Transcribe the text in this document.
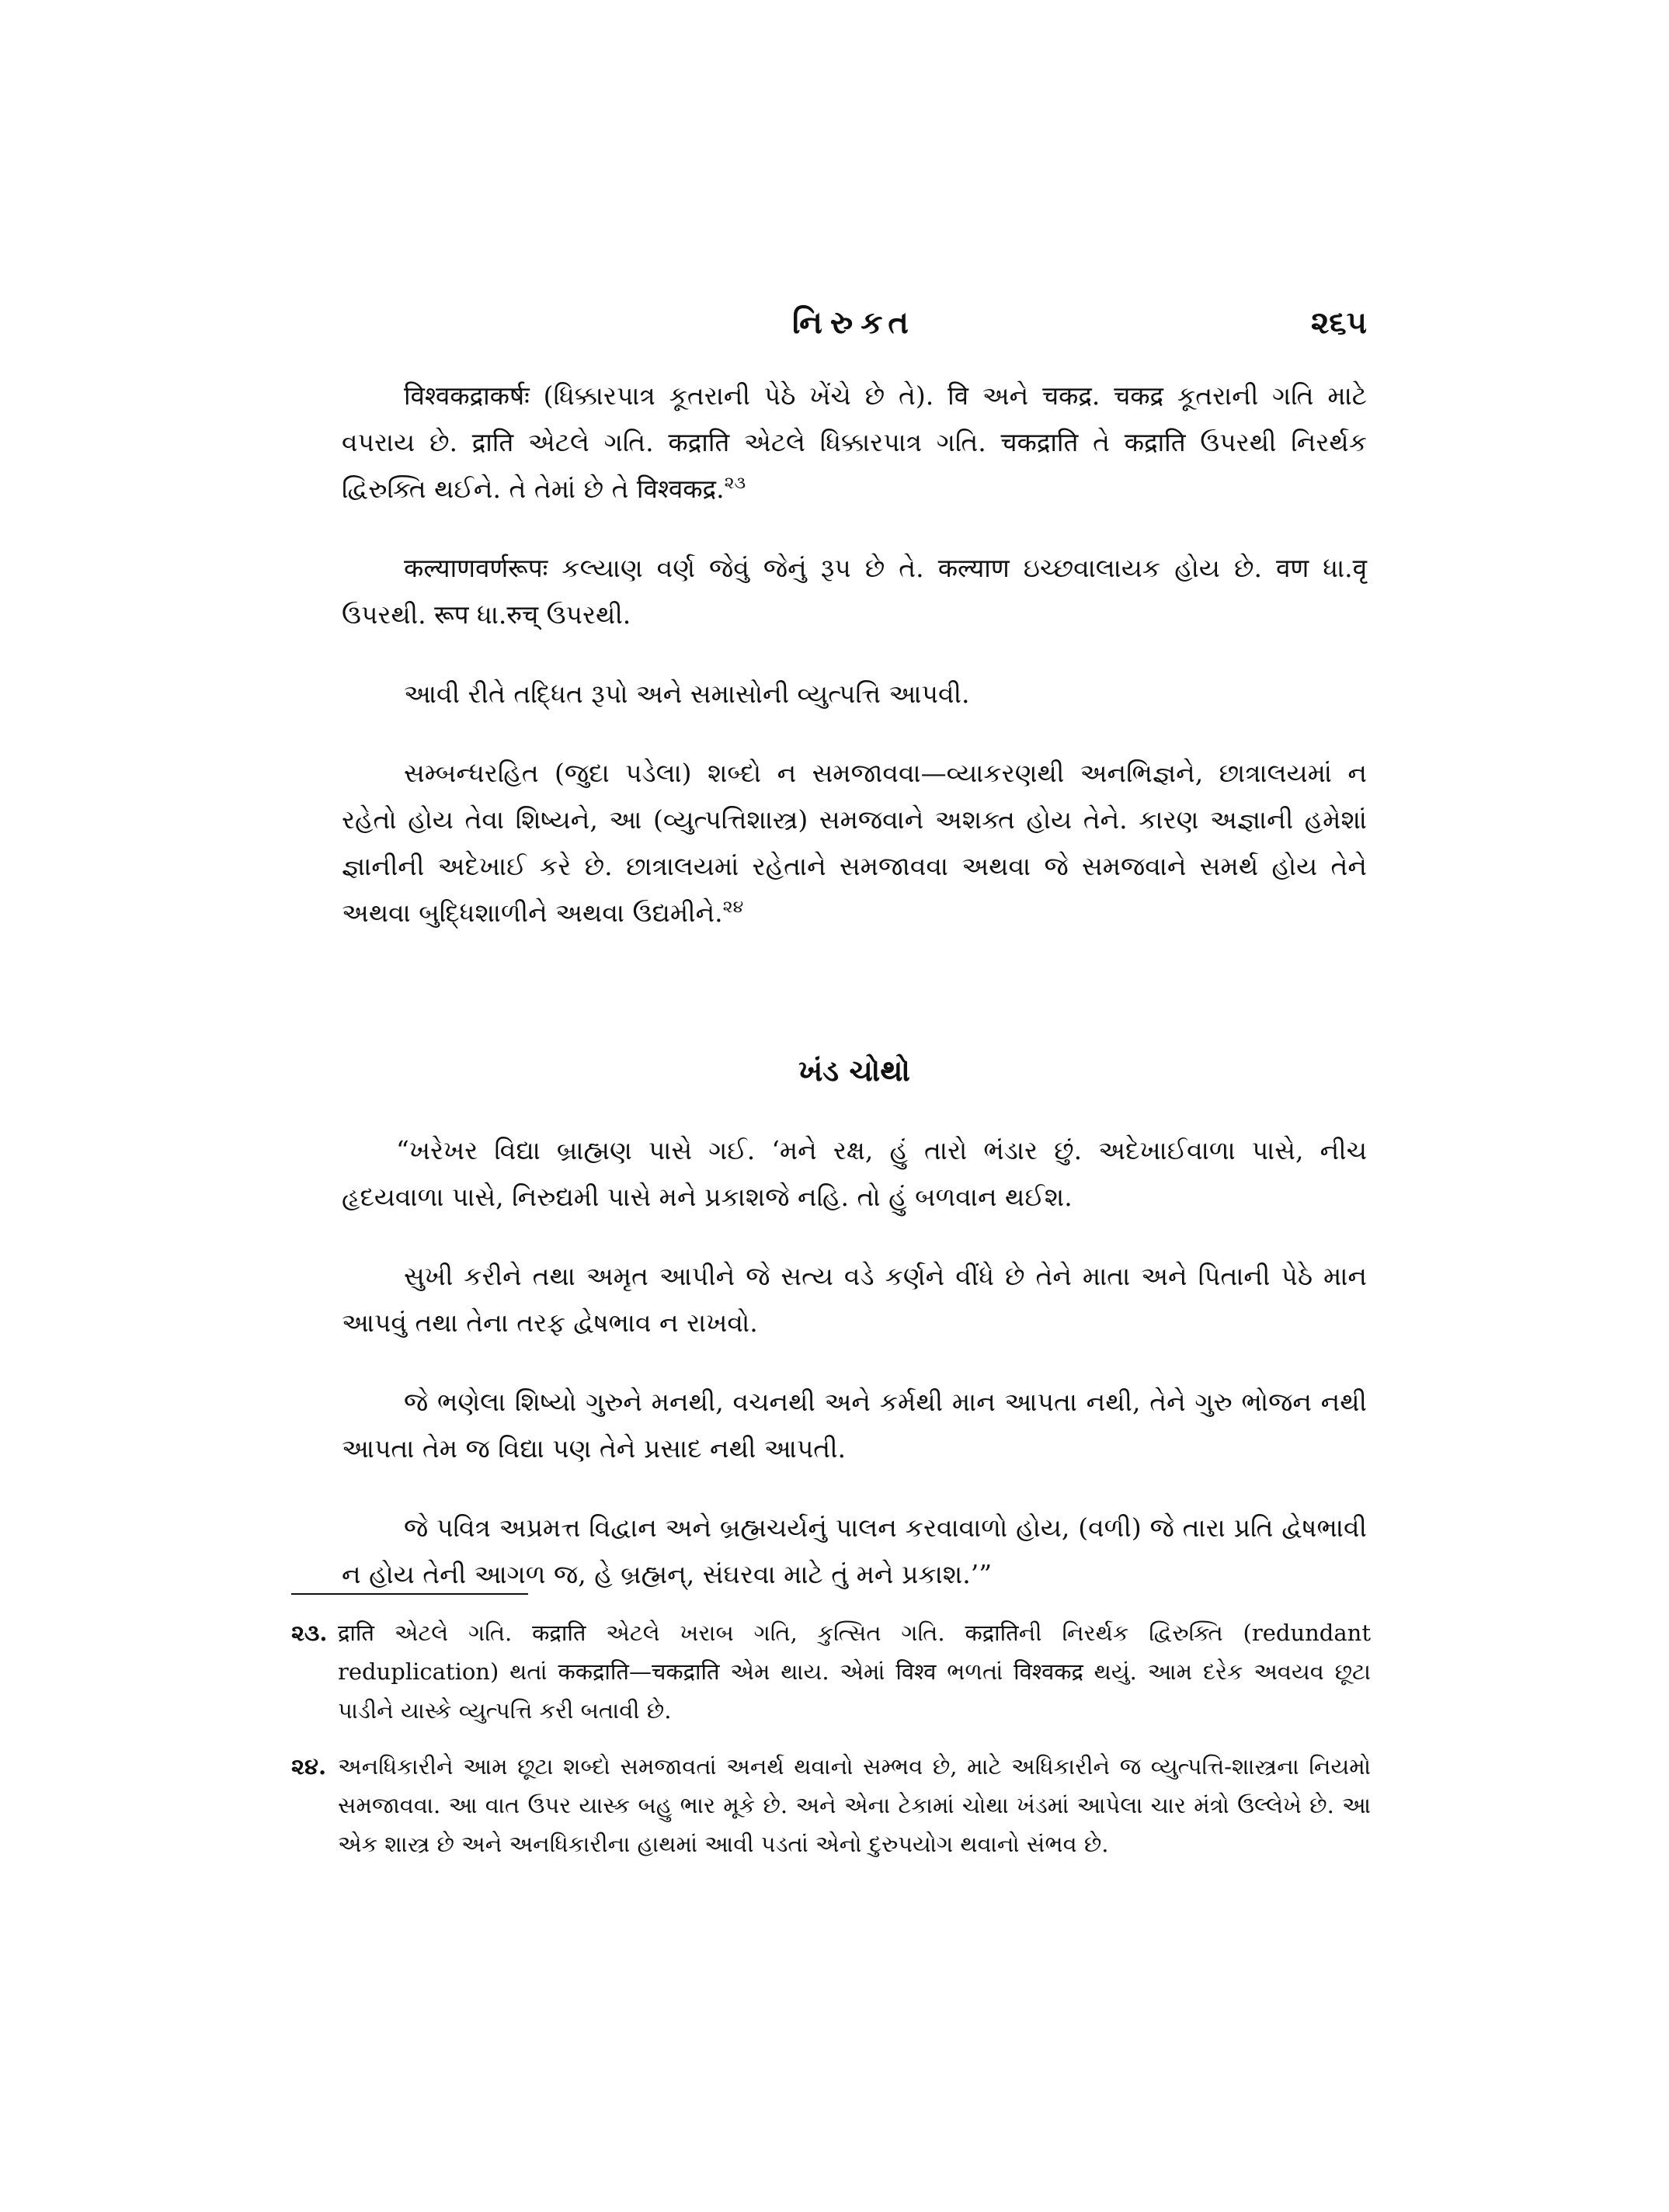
નિરુક્ત	૨૬૫

विश्वकद्राकर्षः (ધિક્કારપાત્ર કૂતરાની પેઠે ખેંચે છે તે). वि અને चकद्र. चकद्र કૂતરાની ગતિ માટે વપરાય છે. द्राति એટલે ગતિ. कद्राति એટલે ધિક્કારપાત્ર ગતિ. चकद्राति તે कद्राति ઉપરથી નિરર્થક દ્વિરુક્તિ થઈને. તે તેમાં છે તે विश्वकद्र.$^{૨૩}$

कल्याणवर्णरूपः કલ્યાણ વર્ણ જેવું જેનું રૂપ છે તે. कल्याण ઇચ્છવાલાયક હોય છે. वण ધા.वृ ઉપરથી. रूप ધા.रुच् ઉપરથી.

આવી રીતે તદ્ધિત રૂપો અને સમાસોની વ્યુત્પત્તિ આપવી.

સમ્બન્ધરહિત (જુદા પડેલા) શબ્દો ન સમજાવવા—વ્યાકરણથી અનભિજ્ઞને, છાત્રાલયમાં ન રહેતો હોય તેવા શિષ્યને, આ (વ્યુત્પત્તિશાસ્ત્ર) સમજવાને અશક્ત હોય તેને. કારણ અજ્ઞાની હમેશાં જ્ઞાનીની અદેખાઈ કરે છે. છાત્રાલયમાં રહેતાને સમજાવવા અથવા જે સમજવાને સમર્થ હોય તેને અથવા બુદ્ધિશાળીને અથવા ઉદ્યમીને.$^{૨૪}$

ખંડ ચોથો

“ખરેખર વિદ્યા બ્રાહ્મણ પાસે ગઈ. ‘મને રક્ષ, હું તારો ભંડાર છું. અદેખાઈવાળા પાસે, નીચ હૃદયવાળા પાસે, નિરુદ્યમી પાસે મને પ્રકાશજે નહિ. તો હું બળવાન થઈશ.

સુખી કરીને તથા અમૃત આપીને જે સત્ય વડે કર્ણને વીંધે છે તેને માતા અને પિતાની પેઠે માન આપવું તથા તેના તરફ દ્વેષભાવ ન રાખવો.

જે ભણેલા શિષ્યો ગુરુને મનથી, વચનથી અને કર્મથી માન આપતા નથી, તેને ગુરુ ભોજન નથી આપતા તેમ જ વિદ્યા પણ તેને પ્રસાદ નથી આપતી.

જે પવિત્ર અપ્રમત્ત વિદ્વાન અને બ્રહ્મચર્યનું પાલન કરવાવાળો હોય, (વળી) જે તારા પ્રતિ દ્વેષભાવી ન હોય તેની આગળ જ, હે બ્રહ્મન્, સંઘરવા માટે તું મને પ્રકાશ.’”

૨૩. द्राति એટલે ગતિ. कद्राति એટલે ખરાબ ગતિ, કુત્સિત ગતિ. कद्रातिની નિરર્થક દ્વિરુક્તિ (redundant reduplication) થતાં ककद्राति—चकद्राति એમ થાય. એમાં विश्व ભળતાં विश्वकद्र થયું. આમ દરેક અવયવ છૂટા પાડીને યાસ્કે વ્યુત્પત્તિ કરી બતાવી છે.
૨૪. અનધિકારીને આમ છૂટા શબ્દો સમજાવતાં અનર્થ થવાનો સમ્ભવ છે, માટે અધિકારીને જ વ્યુત્પત્તિ-શાસ્ત્રના નિયમો સમજાવવા. આ વાત ઉપર યાસ્ક બહુ ભાર મૂકે છે. અને એના ટેકામાં ચોથા ખંડમાં આપેલા ચાર મંત્રો ઉલ્લેખે છે. આ એક શાસ્ત્ર છે અને અનધિકારીના હાથમાં આવી પડતાં એનો દુરુપયોગ થવાનો સંભવ છે.
